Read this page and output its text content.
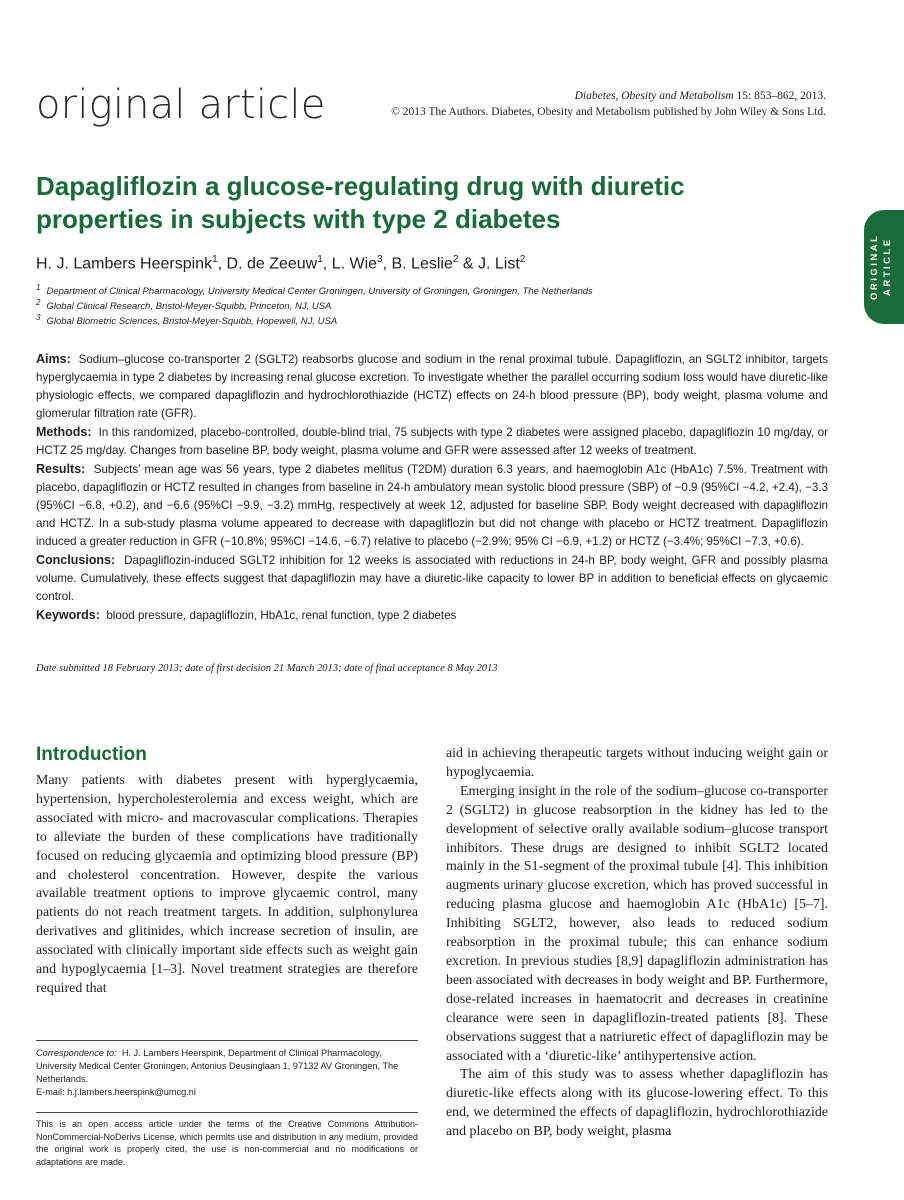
original article	Diabetes, Obesity and Metabolism 15: 853–862, 2013.
© 2013 The Authors. Diabetes, Obesity and Metabolism published by John Wiley & Sons Ltd.
ORIGINAL ARTICLE
Dapagliflozin a glucose-regulating drug with diuretic properties in subjects with type 2 diabetes
H. J. Lambers Heerspink$^1$, D. de Zeeuw$^1$, L. Wie$^3$, B. Leslie$^2$ & J. List$^2$
$^1$ Department of Clinical Pharmacology, University Medical Center Groningen, University of Groningen, Groningen, The Netherlands
$^2$ Global Clinical Research, Bristol-Meyer-Squibb, Princeton, NJ, USA
$^3$ Global Biometric Sciences, Bristol-Meyer-Squibb, Hopewell, NJ, USA

Aims: Sodium–glucose co-transporter 2 (SGLT2) reabsorbs glucose and sodium in the renal proximal tubule. Dapagliflozin, an SGLT2 inhibitor, targets hyperglycaemia in type 2 diabetes by increasing renal glucose excretion. To investigate whether the parallel occurring sodium loss would have diuretic-like physiologic effects, we compared dapagliflozin and hydrochlorothiazide (HCTZ) effects on 24-h blood pressure (BP), body weight, plasma volume and glomerular filtration rate (GFR).

Methods: In this randomized, placebo-controlled, double-blind trial, 75 subjects with type 2 diabetes were assigned placebo, dapagliflozin 10 mg/day, or HCTZ 25 mg/day. Changes from baseline BP, body weight, plasma volume and GFR were assessed after 12 weeks of treatment.

Results: Subjects’ mean age was 56 years, type 2 diabetes mellitus (T2DM) duration 6.3 years, and haemoglobin A1c (HbA1c) 7.5%. Treatment with placebo, dapagliflozin or HCTZ resulted in changes from baseline in 24-h ambulatory mean systolic blood pressure (SBP) of −0.9 (95%CI −4.2, +2.4), −3.3 (95%CI −6.8, +0.2), and −6.6 (95%CI −9.9, −3.2) mmHg, respectively at week 12, adjusted for baseline SBP. Body weight decreased with dapagliflozin and HCTZ. In a sub-study plasma volume appeared to decrease with dapagliflozin but did not change with placebo or HCTZ treatment. Dapagliflozin induced a greater reduction in GFR (−10.8%; 95%CI −14.6, −6.7) relative to placebo (−2.9%; 95% CI −6.9, +1.2) or HCTZ (−3.4%; 95%CI −7.3, +0.6).

Conclusions: Dapagliflozin-induced SGLT2 inhibition for 12 weeks is associated with reductions in 24-h BP, body weight, GFR and possibly plasma volume. Cumulatively, these effects suggest that dapagliflozin may have a diuretic-like capacity to lower BP in addition to beneficial effects on glycaemic control.

Keywords: blood pressure, dapagliflozin, HbA1c, renal function, type 2 diabetes

Date submitted 18 February 2013; date of first decision 21 March 2013; date of final acceptance 8 May 2013
Introduction

Many patients with diabetes present with hyperglycaemia, hypertension, hypercholesterolemia and excess weight, which are associated with micro- and macrovascular complications. Therapies to alleviate the burden of these complications have traditionally focused on reducing glycaemia and optimizing blood pressure (BP) and cholesterol concentration. However, despite the various available treatment options to improve glycaemic control, many patients do not reach treatment targets. In addition, sulphonylurea derivatives and glitinides, which increase secretion of insulin, are associated with clinically important side effects such as weight gain and hypoglycaemia [1–3]. Novel treatment strategies are therefore required that

aid in achieving therapeutic targets without inducing weight gain or hypoglycaemia.

Emerging insight in the role of the sodium–glucose co-transporter 2 (SGLT2) in glucose reabsorption in the kidney has led to the development of selective orally available sodium–glucose transport inhibitors. These drugs are designed to inhibit SGLT2 located mainly in the S1-segment of the proximal tubule [4]. This inhibition augments urinary glucose excretion, which has proved successful in reducing plasma glucose and haemoglobin A1c (HbA1c) [5–7]. Inhibiting SGLT2, however, also leads to reduced sodium reabsorption in the proximal tubule; this can enhance sodium excretion. In previous studies [8,9] dapagliflozin administration has been associated with decreases in body weight and BP. Furthermore, dose-related increases in haematocrit and decreases in creatinine clearance were seen in dapagliflozin-treated patients [8]. These observations suggest that a natriuretic effect of dapagliflozin may be associated with a ‘diuretic-like’ antihypertensive action.

The aim of this study was to assess whether dapagliflozin has diuretic-like effects along with its glucose-lowering effect. To this end, we determined the effects of dapagliflozin, hydrochlorothiazide and placebo on BP, body weight, plasma

Correspondence to: H. J. Lambers Heerspink, Department of Clinical Pharmacology, University Medical Center Groningen, Antonius Deusinglaan 1, 97132 AV Groningen, The Netherlands.
E-mail: h.j.lambers.heerspink@umcg.nl
This is an open access article under the terms of the Creative Commons Attribution-NonCommercial-NoDerivs License, which permits use and distribution in any medium, provided the original work is properly cited, the use is non-commercial and no modifications or adaptations are made.
